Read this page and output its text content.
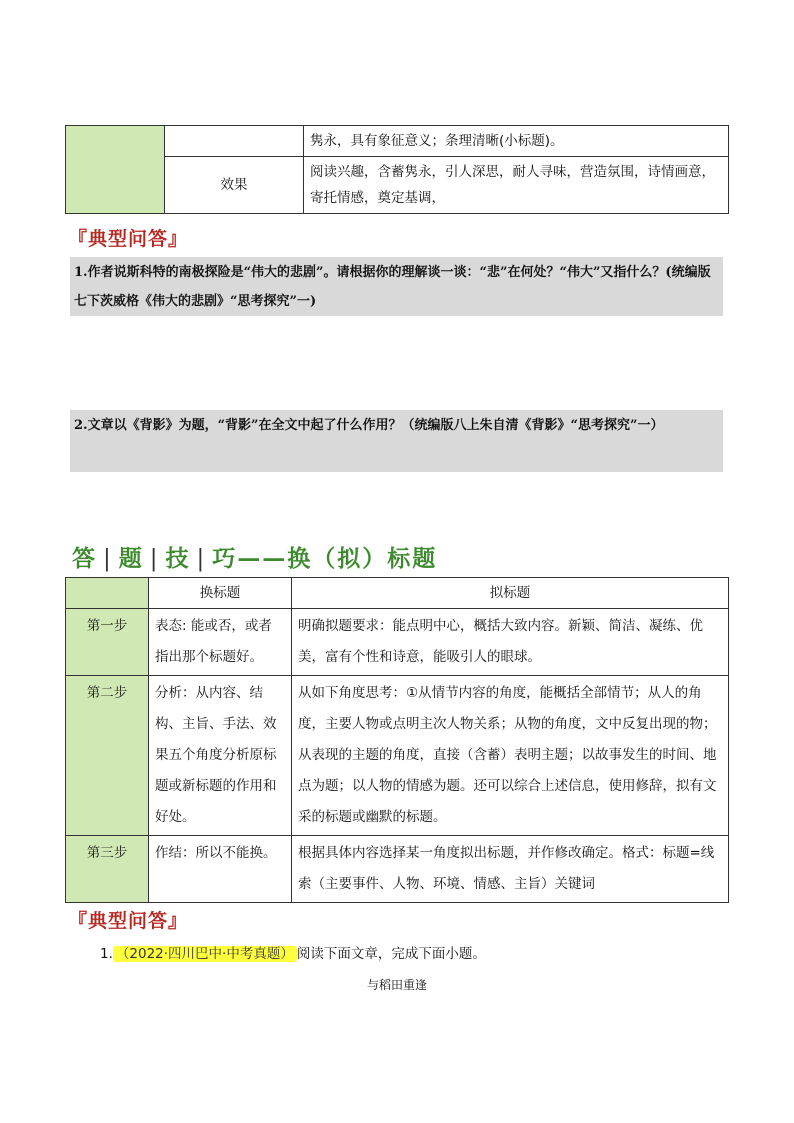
		隽永，具有象征意义；条理清晰(小标题)。
	效果	阅读兴趣，含蓄隽永，引人深思，耐人寻味，营造氛围，诗情画意，寄托情感，奠定基调，
『典型问答』
1.作者说斯科特的南极探险是“伟大的悲剧”。请根据你的理解谈一谈：“悲”在何处？“伟大”又指什么？(统编版七下茨威格《伟大的悲剧》“思考探究”一)
2.文章以《背影》为题，“背影”在全文中起了什么作用？（统编版八上朱自清《背影》“思考探究”一）
答 | 题 | 技 | 巧——换（拟）标题
	换标题	拟标题
第一步	表态: 能或否，或者指出那个标题好。	明确拟题要求：能点明中心，概括大致内容。新颖、简洁、凝练、优美，富有个性和诗意，能吸引人的眼球。
第二步	分析：从内容、结构、主旨、手法、效果五个角度分析原标题或新标题的作用和好处。	从如下角度思考：①从情节内容的角度，能概括全部情节；从人的角度，主要人物或点明主次人物关系；从物的角度，文中反复出现的物；从表现的主题的角度，直接（含蓄）表明主题；以故事发生的时间、地点为题；以人物的情感为题。还可以综合上述信息，使用修辞，拟有文采的标题或幽默的标题。
第三步	作结：所以不能换。	根据具体内容选择某一角度拟出标题，并作修改确定。格式：标题=线索（主要事件、人物、环境、情感、主旨）关键词
『典型问答』
1. （2022·四川巴中·中考真题） 阅读下面文章，完成下面小题。
与稻田重逢
